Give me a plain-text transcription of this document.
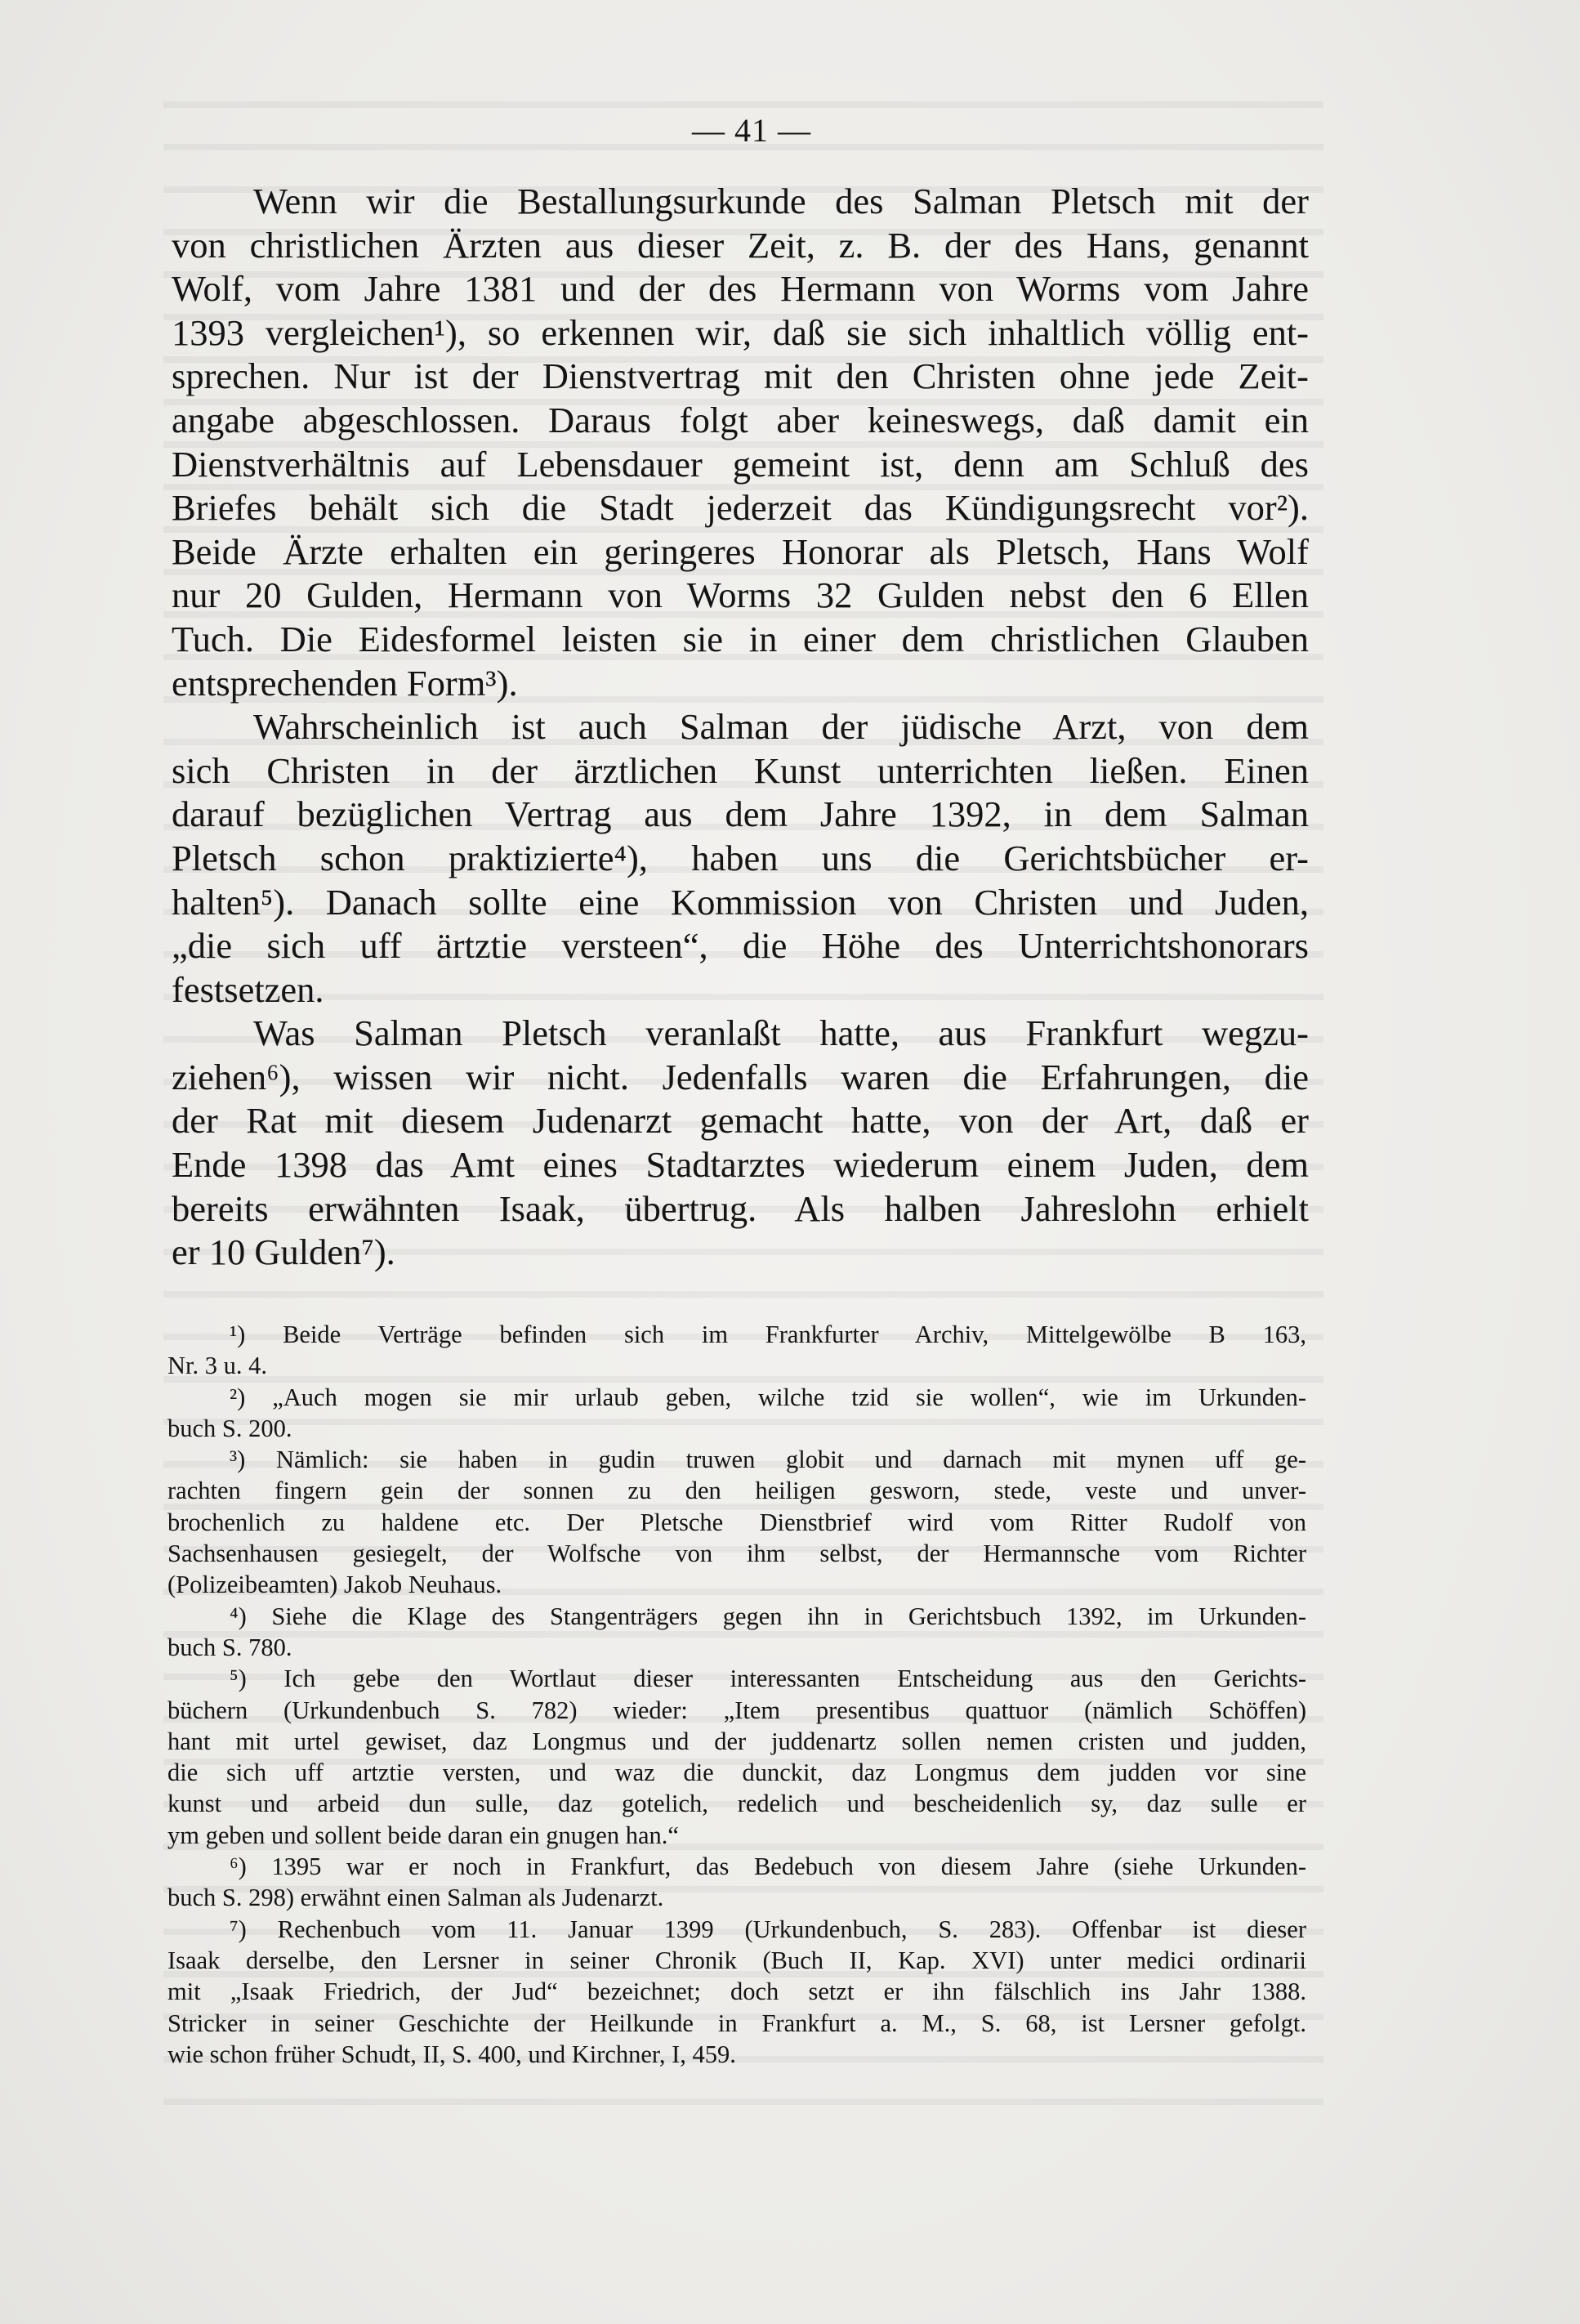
— 41 —
Wenn wir die Bestallungsurkunde des Salman Pletsch mit der
von christlichen Ärzten aus dieser Zeit, z. B. der des Hans, genannt
Wolf, vom Jahre 1381 und der des Hermann von Worms vom Jahre
1393 vergleichen¹), so erkennen wir, daß sie sich inhaltlich völlig ent-
sprechen. Nur ist der Dienstvertrag mit den Christen ohne jede Zeit-
angabe abgeschlossen. Daraus folgt aber keineswegs, daß damit ein
Dienstverhältnis auf Lebensdauer gemeint ist, denn am Schluß des
Briefes behält sich die Stadt jederzeit das Kündigungsrecht vor²).
Beide Ärzte erhalten ein geringeres Honorar als Pletsch, Hans Wolf
nur 20 Gulden, Hermann von Worms 32 Gulden nebst den 6 Ellen
Tuch. Die Eidesformel leisten sie in einer dem christlichen Glauben
entsprechenden Form³).
Wahrscheinlich ist auch Salman der jüdische Arzt, von dem
sich Christen in der ärztlichen Kunst unterrichten ließen. Einen
darauf bezüglichen Vertrag aus dem Jahre 1392, in dem Salman
Pletsch schon praktizierte⁴), haben uns die Gerichtsbücher er-
halten⁵). Danach sollte eine Kommission von Christen und Juden,
„die sich uff ärtztie versteen“, die Höhe des Unterrichtshonorars
festsetzen.
Was Salman Pletsch veranlaßt hatte, aus Frankfurt wegzu-
ziehen⁶), wissen wir nicht. Jedenfalls waren die Erfahrungen, die
der Rat mit diesem Judenarzt gemacht hatte, von der Art, daß er
Ende 1398 das Amt eines Stadtarztes wiederum einem Juden, dem
bereits erwähnten Isaak, übertrug. Als halben Jahreslohn erhielt
er 10 Gulden⁷).
¹) Beide Verträge befinden sich im Frankfurter Archiv, Mittelgewölbe B 163,
Nr. 3 u. 4.
²) „Auch mogen sie mir urlaub geben, wilche tzid sie wollen“, wie im Urkunden-
buch S. 200.
³) Nämlich: sie haben in gudin truwen globit und darnach mit mynen uff ge-
rachten fingern gein der sonnen zu den heiligen gesworn, stede, veste und unver-
brochenlich zu haldene etc. Der Pletsche Dienstbrief wird vom Ritter Rudolf von
Sachsenhausen gesiegelt, der Wolfsche von ihm selbst, der Hermannsche vom Richter
(Polizeibeamten) Jakob Neuhaus.
⁴) Siehe die Klage des Stangenträgers gegen ihn in Gerichtsbuch 1392, im Urkunden-
buch S. 780.
⁵) Ich gebe den Wortlaut dieser interessanten Entscheidung aus den Gerichts-
büchern (Urkundenbuch S. 782) wieder: „Item presentibus quattuor (nämlich Schöffen)
hant mit urtel gewiset, daz Longmus und der juddenartz sollen nemen cristen und judden,
die sich uff artztie versten, und waz die dunckit, daz Longmus dem judden vor sine
kunst und arbeid dun sulle, daz gotelich, redelich und bescheidenlich sy, daz sulle er
ym geben und sollent beide daran ein gnugen han.“
⁶) 1395 war er noch in Frankfurt, das Bedebuch von diesem Jahre (siehe Urkunden-
buch S. 298) erwähnt einen Salman als Judenarzt.
⁷) Rechenbuch vom 11. Januar 1399 (Urkundenbuch, S. 283). Offenbar ist dieser
Isaak derselbe, den Lersner in seiner Chronik (Buch II, Kap. XVI) unter medici ordinarii
mit „Isaak Friedrich, der Jud“ bezeichnet; doch setzt er ihn fälschlich ins Jahr 1388.
Stricker in seiner Geschichte der Heilkunde in Frankfurt a. M., S. 68, ist Lersner gefolgt.
wie schon früher Schudt, II, S. 400, und Kirchner, I, 459.
